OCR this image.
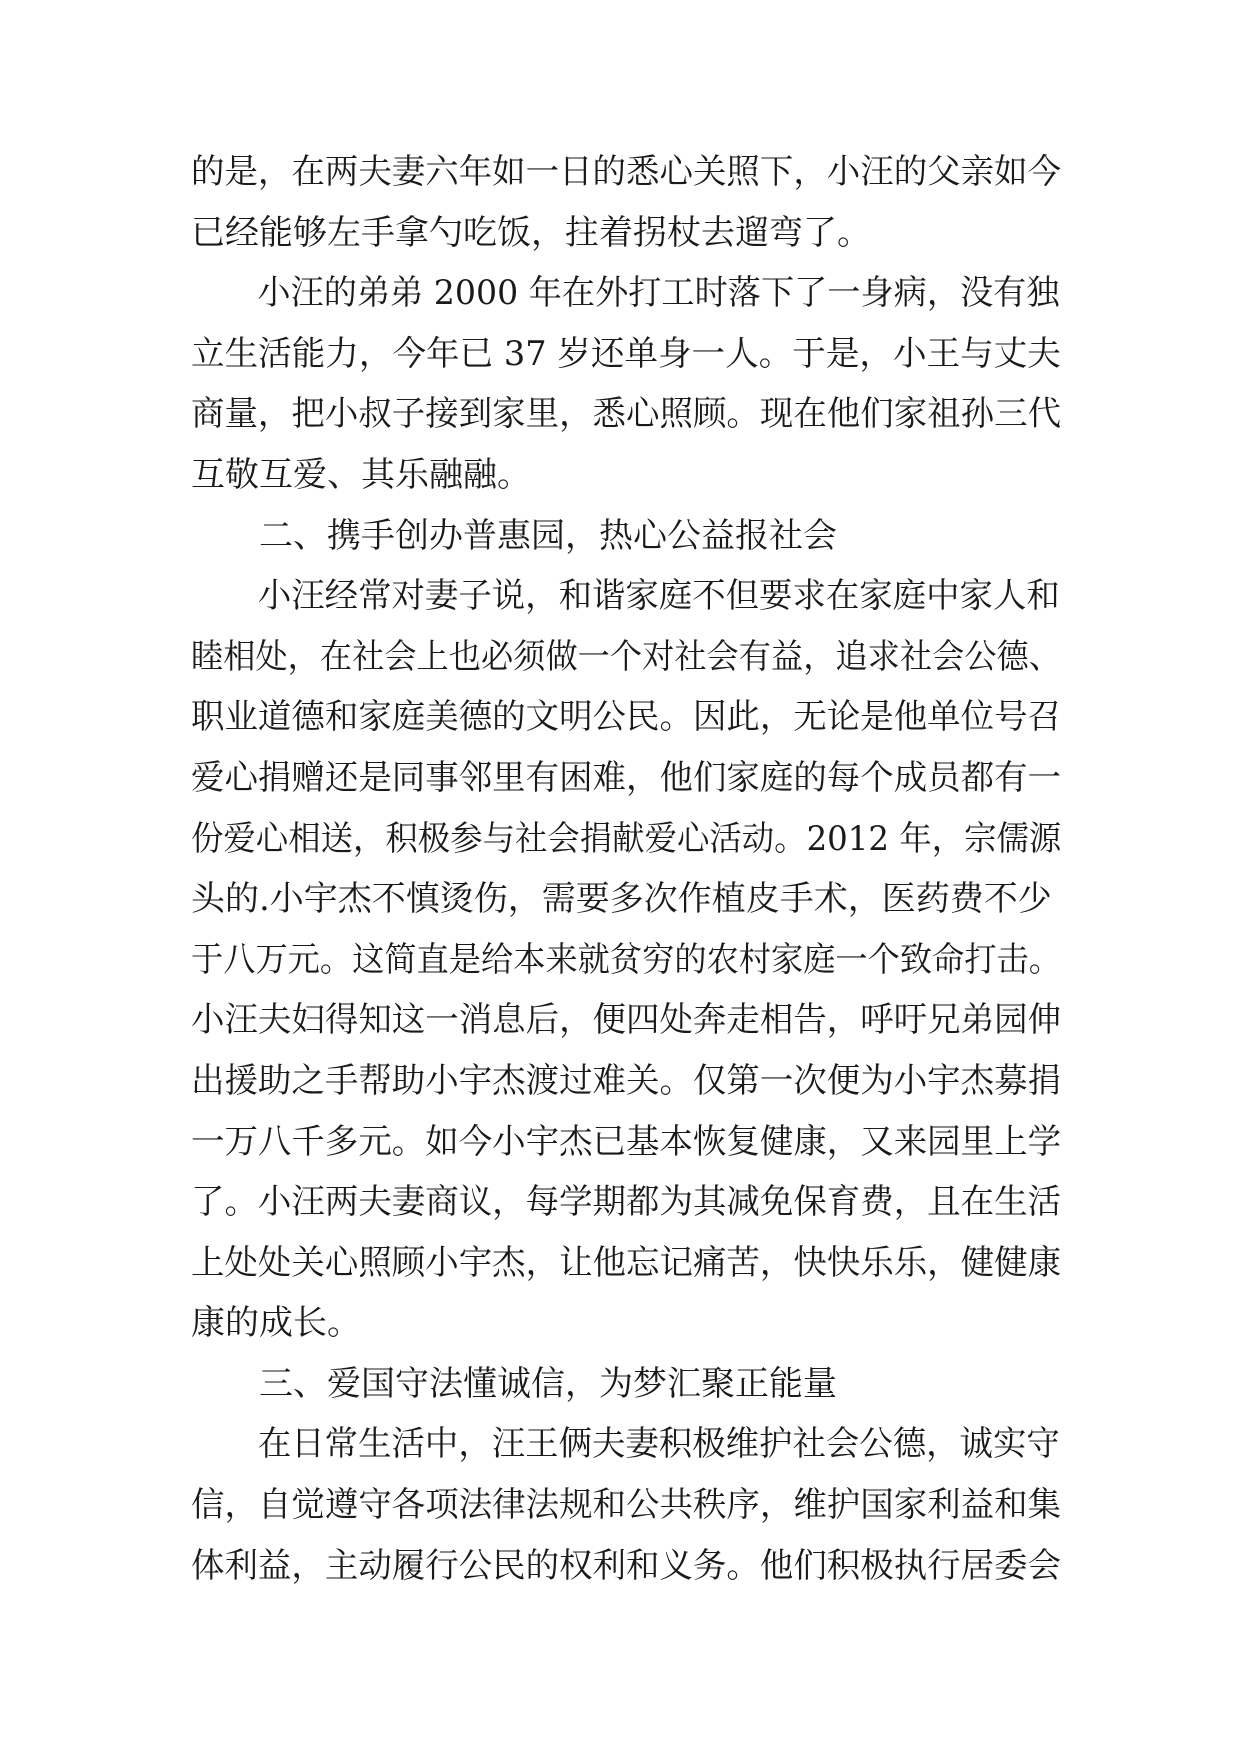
的是，在两夫妻六年如一日的悉心关照下，小汪的父亲如今
已经能够左手拿勺吃饭，拄着拐杖去遛弯了。
小汪的弟弟 2000 年在外打工时落下了一身病，没有独
立生活能力，今年已 37 岁还单身一人。于是，小王与丈夫
商量，把小叔子接到家里，悉心照顾。现在他们家祖孙三代
互敬互爱、其乐融融。
二、携手创办普惠园，热心公益报社会
小汪经常对妻子说，和谐家庭不但要求在家庭中家人和
睦相处，在社会上也必须做一个对社会有益，追求社会公德、
职业道德和家庭美德的文明公民。因此，无论是他单位号召
爱心捐赠还是同事邻里有困难，他们家庭的每个成员都有一
份爱心相送，积极参与社会捐献爱心活动。2012 年，宗儒源
头的.小宇杰不慎烫伤，需要多次作植皮手术，医药费不少
于八万元。这简直是给本来就贫穷的农村家庭一个致命打击。
小汪夫妇得知这一消息后，便四处奔走相告，呼吁兄弟园伸
出援助之手帮助小宇杰渡过难关。仅第一次便为小宇杰募捐
一万八千多元。如今小宇杰已基本恢复健康，又来园里上学
了。小汪两夫妻商议，每学期都为其减免保育费，且在生活
上处处关心照顾小宇杰，让他忘记痛苦，快快乐乐，健健康
康的成长。
三、爱国守法懂诚信，为梦汇聚正能量
在日常生活中，汪王俩夫妻积极维护社会公德，诚实守
信，自觉遵守各项法律法规和公共秩序，维护国家利益和集
体利益，主动履行公民的权利和义务。他们积极执行居委会
